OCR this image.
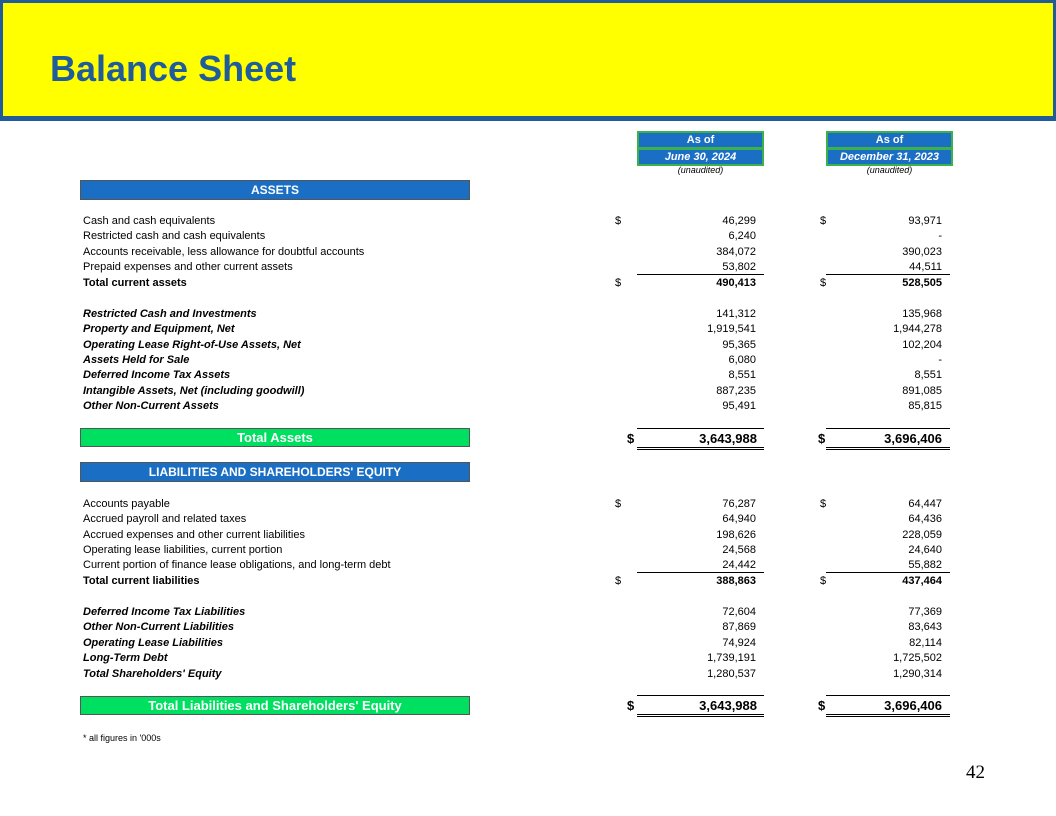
Balance Sheet
As of
June 30, 2024
(unaudited)
As of
December 31, 2023
(unaudited)
ASSETS
Cash and cash equivalents	$	46,299	$	93,971
Restricted cash and cash equivalents	6,240	-
Accounts receivable, less allowance for doubtful accounts	384,072	390,023
Prepaid expenses and other current assets	53,802	44,511
Total current assets	$	490,413	$	528,505
Restricted Cash and Investments	141,312	135,968
Property and Equipment, Net	1,919,541	1,944,278
Operating Lease Right-of-Use Assets, Net	95,365	102,204
Assets Held for Sale	6,080	-
Deferred Income Tax Assets	8,551	8,551
Intangible Assets, Net (including goodwill)	887,235	891,085
Other Non-Current Assets	95,491	85,815
Total Assets	$	3,643,988	$	3,696,406
LIABILITIES AND SHAREHOLDERS' EQUITY
Accounts payable	$	76,287	$	64,447
Accrued payroll and related taxes	64,940	64,436
Accrued expenses and other current liabilities	198,626	228,059
Operating lease liabilities, current portion	24,568	24,640
Current portion of finance lease obligations, and long-term debt	24,442	55,882
Total current liabilities	$	388,863	$	437,464
Deferred Income Tax Liabilities	72,604	77,369
Other Non-Current Liabilities	87,869	83,643
Operating Lease Liabilities	74,924	82,114
Long-Term Debt	1,739,191	1,725,502
Total Shareholders' Equity	1,280,537	1,290,314
Total Liabilities and Shareholders' Equity	$	3,643,988	$	3,696,406
* all figures in '000s
42
